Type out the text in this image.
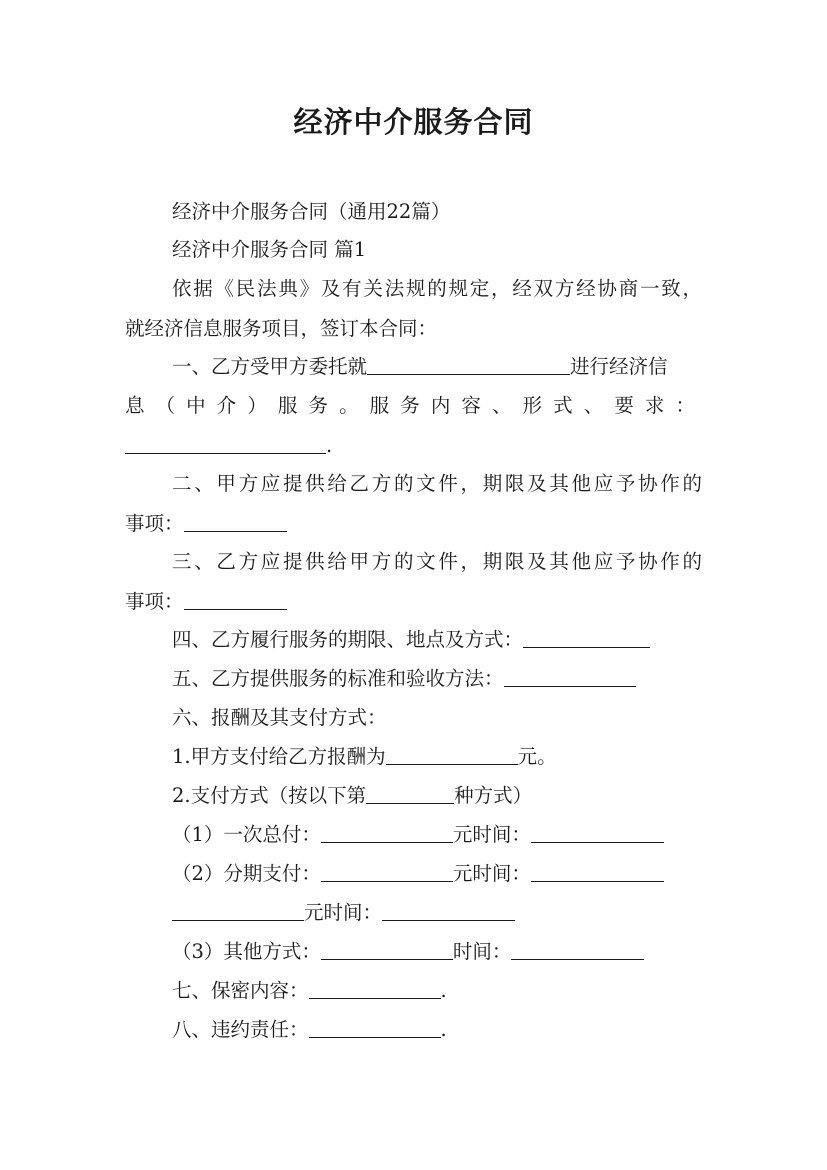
经济中介服务合同
经济中介服务合同（通用22篇）
经济中介服务合同 篇1
依据《民法典》及有关法规的规定，经双方经协商一致，
就经济信息服务项目，签订本合同：
一、乙方受甲方委托就	进行经济信
息（中介）服务。服务内容、形式、要求：
.
二、甲方应提供给乙方的文件，期限及其他应予协作的
事项：
三、乙方应提供给甲方的文件，期限及其他应予协作的
事项：
四、乙方履行服务的期限、地点及方式：
五、乙方提供服务的标准和验收方法：
六、报酬及其支付方式：
1.甲方支付给乙方报酬为	元。
2.支付方式（按以下第	种方式）
（1）一次总付：	元时间：
（2）分期支付：	元时间：
元时间：
（3）其他方式：	时间：
七、保密内容：	.
八、违约责任：	.
